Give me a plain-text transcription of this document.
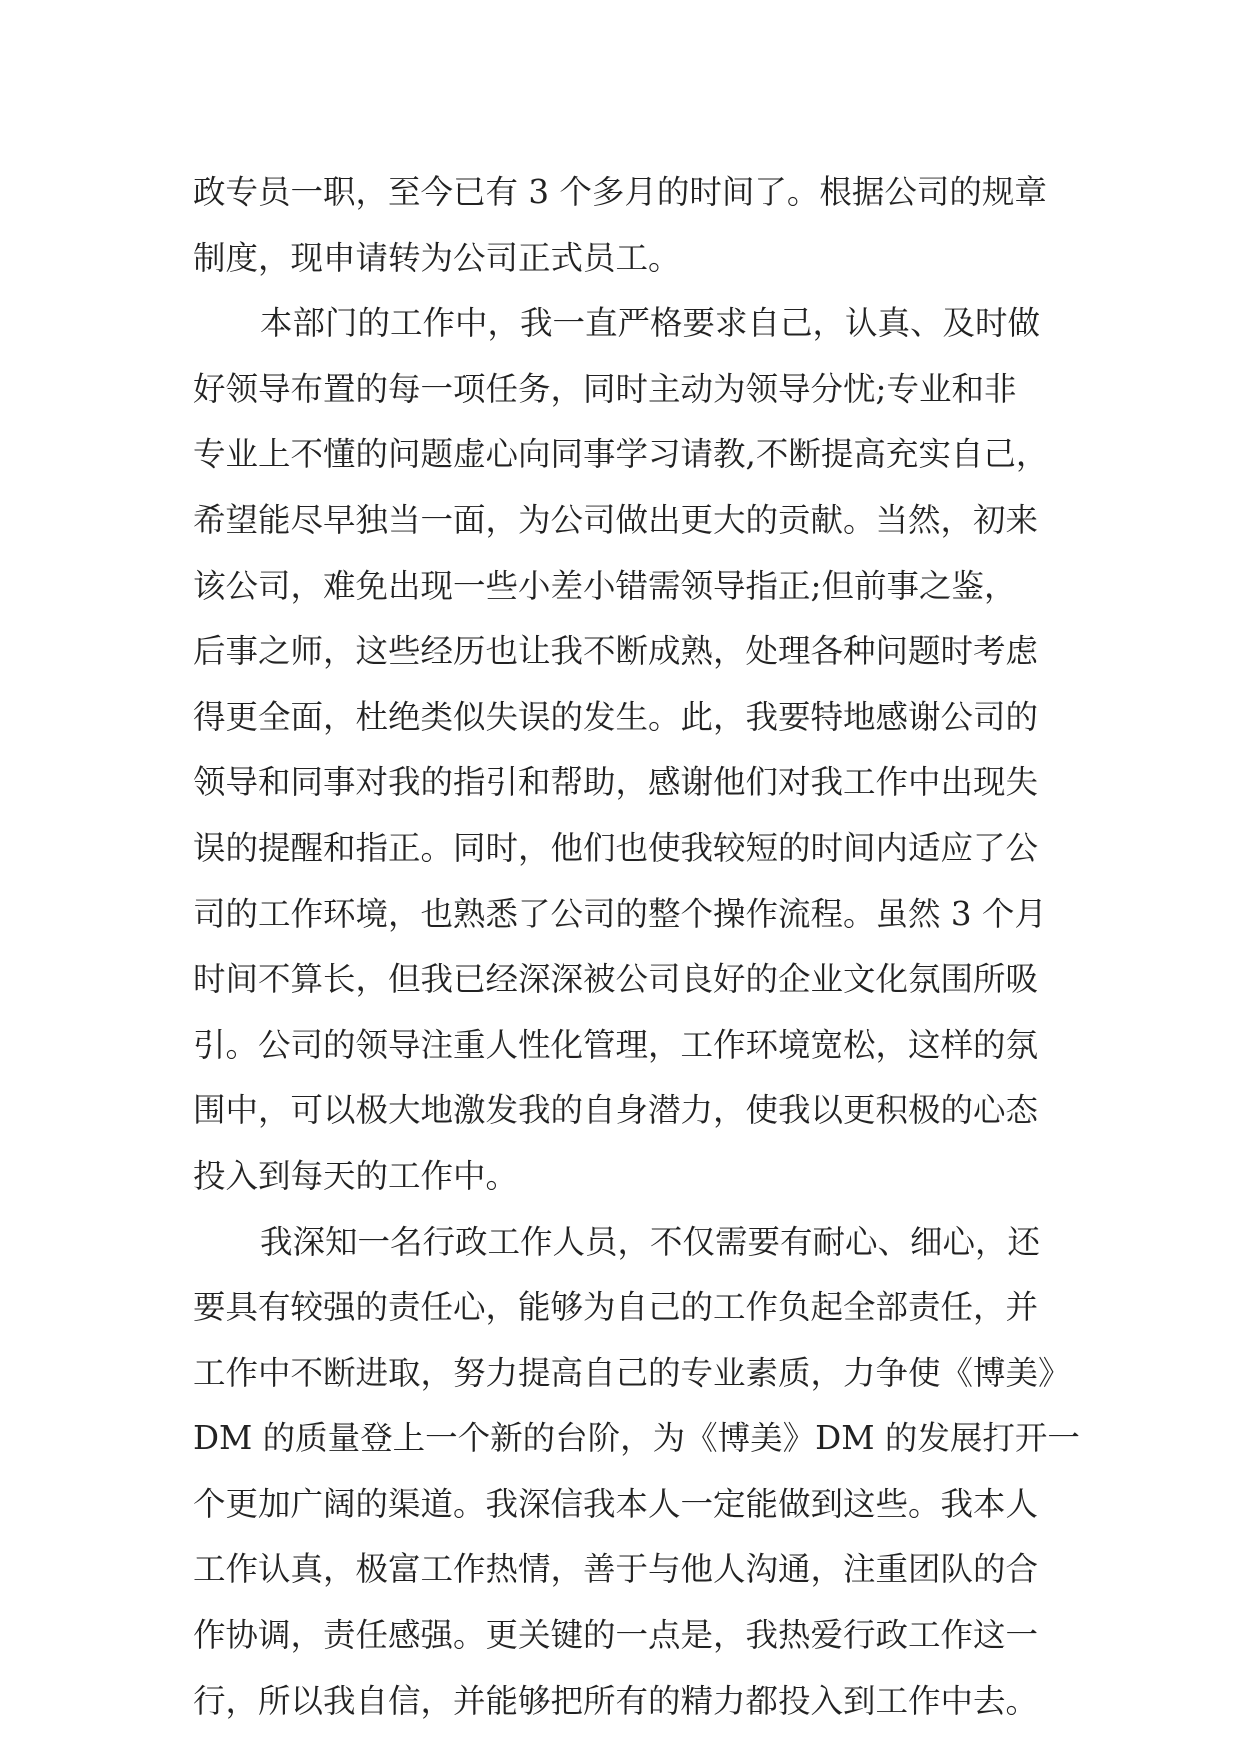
政专员一职，至今已有 3 个多月的时间了。根据公司的规章
制度，现申请转为公司正式员工。
本部门的工作中，我一直严格要求自己，认真、及时做
好领导布置的每一项任务，同时主动为领导分忧;专业和非
专业上不懂的问题虚心向同事学习请教,不断提高充实自己，
希望能尽早独当一面，为公司做出更大的贡献。当然，初来
该公司，难免出现一些小差小错需领导指正;但前事之鉴，
后事之师，这些经历也让我不断成熟，处理各种问题时考虑
得更全面，杜绝类似失误的发生。此，我要特地感谢公司的
领导和同事对我的指引和帮助，感谢他们对我工作中出现失
误的提醒和指正。同时，他们也使我较短的时间内适应了公
司的工作环境，也熟悉了公司的整个操作流程。虽然 3 个月
时间不算长，但我已经深深被公司良好的企业文化氛围所吸
引。公司的领导注重人性化管理，工作环境宽松，这样的氛
围中，可以极大地激发我的自身潜力，使我以更积极的心态
投入到每天的工作中。
我深知一名行政工作人员，不仅需要有耐心、细心，还
要具有较强的责任心，能够为自己的工作负起全部责任，并
工作中不断进取，努力提高自己的专业素质，力争使《博美》
DM 的质量登上一个新的台阶，为《博美》DM 的发展打开一
个更加广阔的渠道。我深信我本人一定能做到这些。我本人
工作认真，极富工作热情，善于与他人沟通，注重团队的合
作协调，责任感强。更关键的一点是，我热爱行政工作这一
行，所以我自信，并能够把所有的精力都投入到工作中去。
